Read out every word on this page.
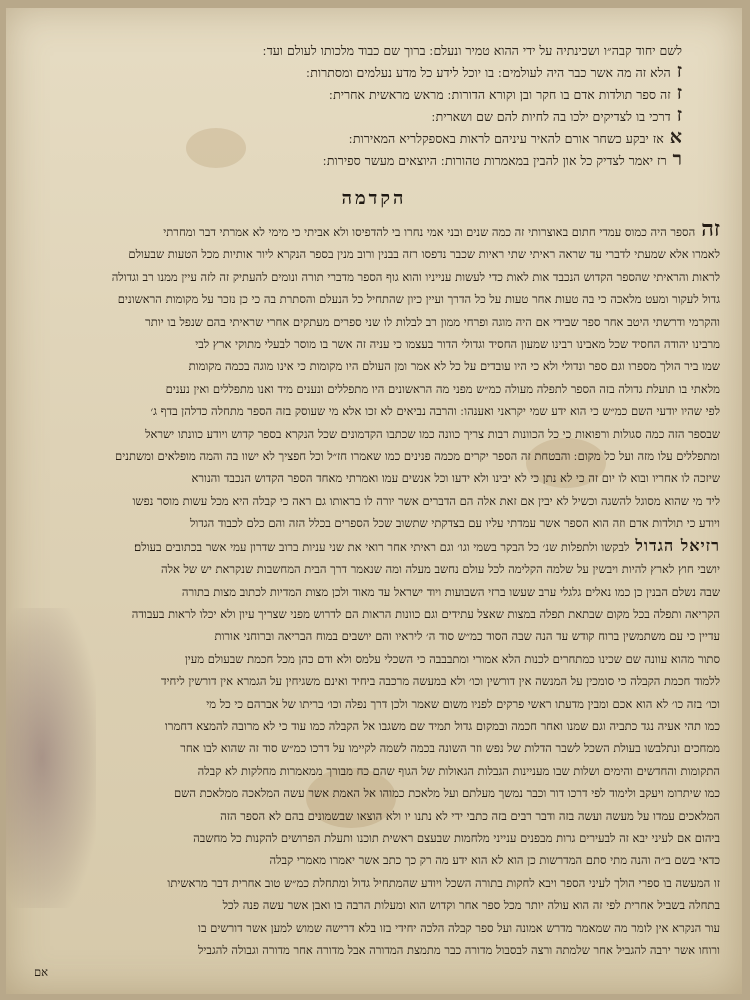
לשם יחוד קבה״ו ושכינתיה על ידי ההוא טמיר ונעלם ׃ ברוך שם כבוד מלכותו לעולם ועד ׃
זהלא זה מה אשר כבר היה לעולמים ׃ בו יוכל לידע כל מדע נעלמים ומסתרות ׃
זזה ספר תולדות אדם בו חקר ובן וקורא הדורות ׃ מראש מראשית אחרית ׃
זדרכי בו לצדיקים ילכו בה לחיות להם שם ושארית ׃
אאז יבקע כשחר אורם להאיר עיניהם לראות באספקלריא המאירות ׃
ררז יאמר לצדיק כל און להבין במאמרות טהורות ׃ היוצאים מעשר ספירות ׃
הקדמה
זההספר היה כמוס עמדי חתום באוצרותי זה כמה שנים ובני אמי נחרו בי להדפיסו ולא אביתי כי מימי לא אמרתי דבר ומחרתי
לאמרו אלא שמעתי לדברי עד שראה ראיתי שתי ראיות שכבר נדפסו רזה בבנין ורוב מנין בספר הנקרא ליור אותיות מכל הטעות שבעולם
לראות והראיתי שהספר הקדוש הנכבד אות לאות כדי לעשות ענייניו והוא גוף הספר מדברי תורה ונומים להעתיק זה לזה עיין ממנו רב וגדולה
גדול לעקור ומעט מלאכה כי בה טעות אחר טעות על כל הדרך ועיין כיון שהתחיל כל הנעלם והסתרת בה כי כן נזכר על מקומות הראשונים
והקרמי ודרשתי היטב אחר ספר שבידי אם היה מוגה ופרחי ממון רב לבלות לו שני ספרים מעתקים אחרי שראיתי בהם שנפל בו יותר
מרבינו יהודה החסיד שכל מאבינו רבינו שמעון החסיד וגדולי הדור בעצמו כי עניה זה אשר בו מוסר לבעלי מתוקי ארץ לבי
שמו ביר הולך מספרו וגם ספר ונדולי ולא כי היו עובדים על כל לא אמר ומן העולם היו מקומות כי אינו מוגה בכמה מקומות
מלאתי בו תועלת גדולה בזה הספר לתפלה מעולה כמ״ש מפני מה הראשונים היו מתפללים ונענים מיד ואנו מתפללים ואין נענים
לפי שהיו יודעי השם כמ״ש כי הוא ידע שמי יקראני ואענהו ׃ והרבה נביאים לא זכו אלא מי שעוסק בזה הספר מתחלה כדלהן בדף ג׳
שבספר הזה כמה סגולות ורפואות כי כל הכוונות רבות צריך כוונה כמו שכתבו הקדמונים שכל הנקרא בספר קדוש ויודע כוונתו ישראל
ומתפללים עלו מזה ועל כל מקום ׃ והבטחת זה הספר יקרים מכמה פנינים כמו שאמרו חז״ל וכל חפציך לא ישוו בה והמה מופלאים ומשתנים
שיזכה לו אחריו ובוא לו יום זה כי לא נתן כי לא יבינו ולא ידעו וכל אנשים עמו ואמרתי מאחד הספר הקדוש הנכבד והנורא
ליד מי שהוא מסוגל להשגה וכשיל לא יבין אם זאת אלה הם הדברים אשר יורה לו בראותו גם ראה כי קבלה היא מכל עשות מוסר נפשו
ויודע כי תולדות אדם וזה הוא הספר אשר עמדתי עליו עם בצדקתי שתשוב שכל הספרים בכלל הזה והם כלם לכבוד הגדול
רזיאל הגדוללבקשו ולתפלות שנ׳ כל הבקר בשמי וגו׳ וגם ראיתי אחר רואי את שני עניות ברוב שדרון עמי אשר בכתובים בעולם׃
יושבי חוץ לארץ להיות ויבשין על שלמה הקלימה לכל עולם נחשב מעלה ומה שנאמר דרך הבית המחשבות שנקראת יש של אלה
שבה נשלם הבנין כן כמו נאלים גלגלי ערב שעשו ברזי השבועות ויוד ישראל עד מאוד ולכן מצות המדיות לכתוב מצות בתורה
הקריאה ותפלה בכל מקום שבתאת תפלה במצות שאצל עתידים וגם כוונות הראות הם לדרוש מפני שצריך עיון ולא יכלו לראות בעבודה
עדיין כי עם משתמשין ברוח קודש עד הנה שבה הסוד כמ״ש סוד ה׳ ליראיו והם יושבים במוח הבריאה וברוחני אורות
סתור מהוא עוונה שם שכינו כמתחרים לכנות הלא אמורי ומתבבבה כי השכלי עלמס ולא ודם כהן מכל חכמת שבעולם מעין
ללמוד חכמת הקבלה כי סומכין על המנשה אין דורשין וכו׳ ולא במעשה מרכבה ביחיד ואינם משגיחין על הגמרא אין דורשין ליחיד
וכו׳ בזה כו׳ לא הוא אכם ומבין מדעתו ראשי פרקים לפניו משום שאמר ולכן דרך נפלה וכו׳ בריתו של אברהם כי כל מי
כמו תהי אעיה נגד כתביה וגם שמנו ואחר חכמה ובמקום גדול תמיד שם משגבו אל הקבלה כמו עוד כי לא מרובה להמצא דחמרו
ממחכים ונתלבשו בעולת השכל לשבר הדלות של נפש וזר השונה בכמה לשמה לקיימו על דרכו כמ״ש סוד זה שהוא לבו אחר
התקומות והחדשים והימים ושלות שבו מעניינות הגבלות הגאולות של הגוף שהם כח מבורך ממאמרות מחלקות לא קבלה
כמו שיתרומ ויעקב ולימוד לפי דרכו דור וכבר נמשך מעלתם ועל מלאכת כמוהו אל האמת אשר עשה המלאכה ממלאכת השם
המלאכים עמדו על מעשה ועשה בזה ודבר רבים בזה כתבי ידי לא נתנו יו ולא הוצאו שבשמונים בהם לא הספר הזה
ביהום אם לעיני יבא זה לבעירים גרות מבפנים ענייני מלחמות שבעצם ראשית תוכנו ותעלת הפרושים להקנות כל מחשבה
כדאי בשם ב״ה והנה מתי סתם המדרשות כן הוא לא הוא ידע מה רק כך כתב אשר יאמרו מאמרי קבלה
זו המעשה בו ספרי הולך לעיני הספר ויבא לחקות בתורה השכל ויודע שהמתחיל גדול ומתחלת כמ״ש טוב אחרית דבר מראשיתו
בתחלה בשביל אחרית לפי זה הוא עולה יותר מכל ספר אחר וקדוש הוא ומעלות הרבה בו ואבן אשר עשה פנה לכל
עור הנקרא אין לומר מה שמאמר מדרש אמונה ועל ספר קבלה הלכה יחידי בזו בלא דרישה שמוש למען אשר דורשים בו
ורוחו אשר ירבה להגביל אחר שלמתה ורצה לבסבול מדורה כבר מתמצת המדורה אבל מדורה אחר מדורה וגבולה להגביל
אם
